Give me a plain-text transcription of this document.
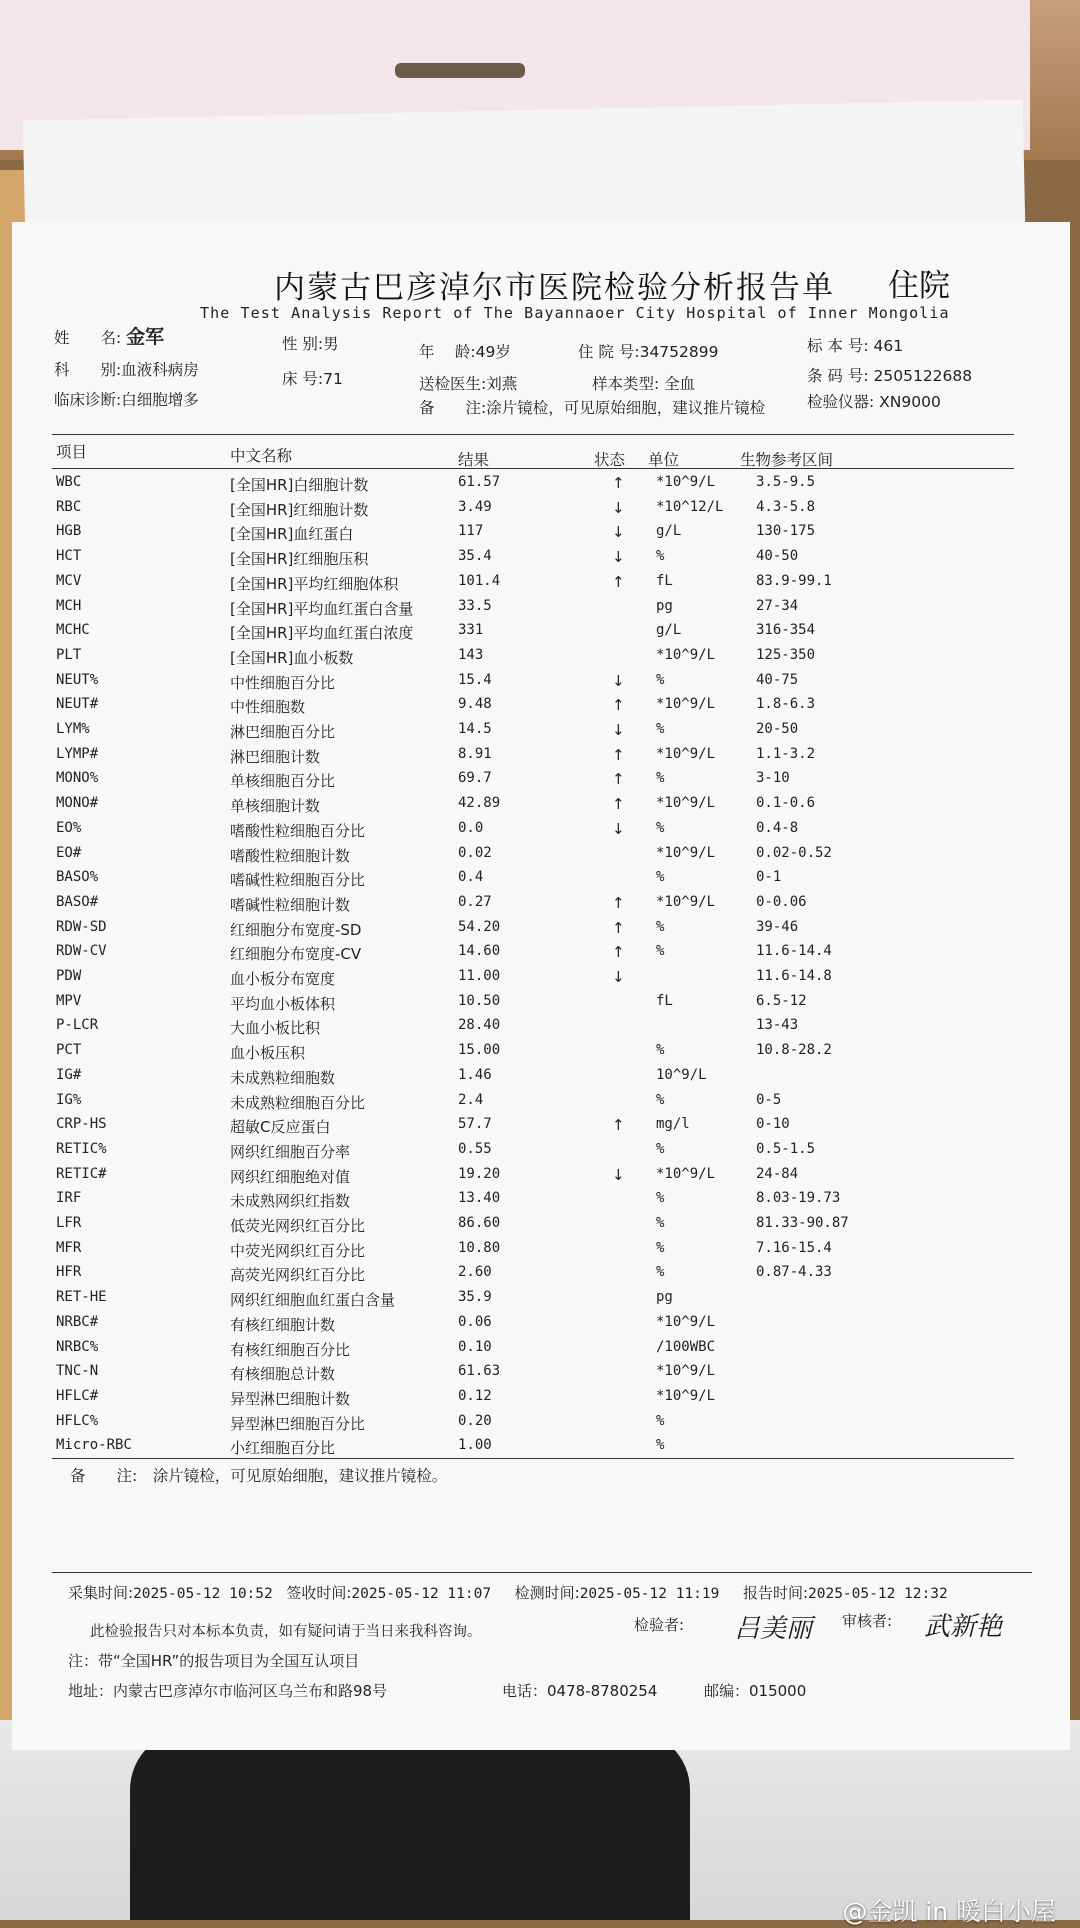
内蒙古巴彦淖尔市医院检验分析报告单 住院
The Test Analysis Report of The Bayannaoer City Hospital of Inner Mongolia
姓　　名: 金军	性 别:男	年　 龄:49岁	住 院 号:34752899	标 本 号: 461
科　　别:血液科病房	床 号:71	送检医生:刘燕	样本类型: 全血	条 码 号: 2505122688
临床诊断:白细胞增多	备　　注:涂片镜检，可见原始细胞，建议推片镜检	检验仪器: XN9000
项目	中文名称	结果	状态 单位	生物参考区间
WBC	[全国HR]白细胞计数	61.57	↑ *10^9/L	3.5-9.5
RBC	[全国HR]红细胞计数	3.49	↓ *10^12/L 4.3-5.8
HGB	[全国HR]血红蛋白	117	↓ g/L	130-175
HCT	[全国HR]红细胞压积	35.4	↓ %	40-50
MCV	[全国HR]平均红细胞体积	101.4	↑ fL	83.9-99.1
MCH	[全国HR]平均血红蛋白含量	33.5	pg	27-34
MCHC	[全国HR]平均血红蛋白浓度	331	g/L	316-354
PLT	[全国HR]血小板数	143	*10^9/L	125-350
NEUT%	中性细胞百分比	15.4	↓ %	40-75
NEUT#	中性细胞数	9.48	↑ *10^9/L	1.8-6.3
LYM%	淋巴细胞百分比	14.5	↓ %	20-50
LYMP#	淋巴细胞计数	8.91	↑ *10^9/L	1.1-3.2
MONO%	单核细胞百分比	69.7	↑ %	3-10
MONO#	单核细胞计数	42.89	↑ *10^9/L	0.1-0.6
EO%	嗜酸性粒细胞百分比	0.0	↓ %	0.4-8
EO#	嗜酸性粒细胞计数	0.02	*10^9/L	0.02-0.52
BASO%	嗜碱性粒细胞百分比	0.4	%	0-1
BASO#	嗜碱性粒细胞计数	0.27	↑ *10^9/L	0-0.06
RDW-SD	红细胞分布宽度-SD	54.20	↑ %	39-46
RDW-CV	红细胞分布宽度-CV	14.60	↑ %	11.6-14.4
PDW	血小板分布宽度	11.00	↓	11.6-14.8
MPV	平均血小板体积	10.50	fL	6.5-12
P-LCR	大血小板比积	28.40	13-43
PCT	血小板压积	15.00	%	10.8-28.2
IG#	未成熟粒细胞数	1.46	10^9/L
IG%	未成熟粒细胞百分比	2.4	%	0-5
CRP-HS	超敏C反应蛋白	57.7	↑ mg/l	0-10
RETIC%	网织红细胞百分率	0.55	%	0.5-1.5
RETIC#	网织红细胞绝对值	19.20	↓ *10^9/L	24-84
IRF	未成熟网织红指数	13.40	%	8.03-19.73
LFR	低荧光网织红百分比	86.60	%	81.33-90.87
MFR	中荧光网织红百分比	10.80	%	7.16-15.4
HFR	高荧光网织红百分比	2.60	%	0.87-4.33
RET-HE	网织红细胞血红蛋白含量	35.9	pg
NRBC#	有核红细胞计数	0.06	*10^9/L
NRBC%	有核红细胞百分比	0.10	/100WBC
TNC-N	有核细胞总计数	61.63	*10^9/L
HFLC#	异型淋巴细胞计数	0.12	*10^9/L
HFLC%	异型淋巴细胞百分比	0.20	%
Micro-RBC	小红细胞百分比	1.00	%
备　　注:　 涂片镜检，可见原始细胞，建议推片镜检。
采集时间:2025-05-12 10:52 签收时间:2025-05-12 11:07 检测时间:2025-05-12 11:19 报告时间:2025-05-12 12:32
此检验报告只对本标本负责，如有疑问请于当日来我科咨询。	检验者: 吕美丽 审核者: 武新艳
注：带“全国HR”的报告项目为全国互认项目
地址：内蒙古巴彦淖尔市临河区乌兰布和路98号	电话：0478-8780254	邮编：015000
@金凯 in 暖白小屋
